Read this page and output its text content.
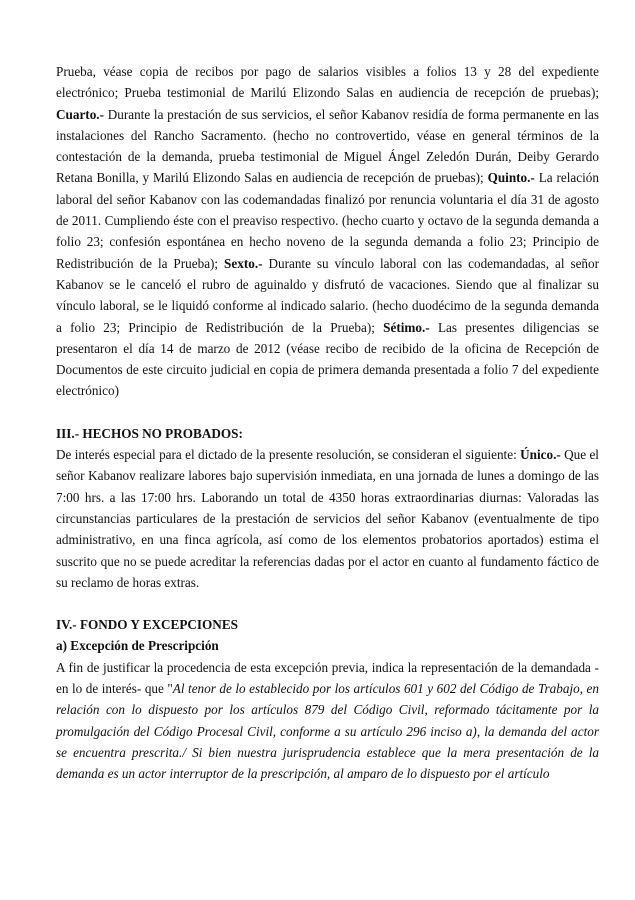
Prueba, véase copia de recibos por pago de salarios visibles a folios 13 y 28 del expediente electrónico; Prueba testimonial de Marilú Elizondo Salas en audiencia de recepción de pruebas); Cuarto.- Durante la prestación de sus servicios, el señor Kabanov residía de forma permanente en las instalaciones del Rancho Sacramento. (hecho no controvertido, véase en general términos de la contestación de la demanda, prueba testimonial de Miguel Ángel Zeledón Durán, Deiby Gerardo Retana Bonilla, y Marilú Elizondo Salas en audiencia de recepción de pruebas); Quinto.- La relación laboral del señor Kabanov con las codemandadas finalizó por renuncia voluntaria el día 31 de agosto de 2011. Cumpliendo éste con el preaviso respectivo. (hecho cuarto y octavo de la segunda demanda a folio 23; confesión espontánea en hecho noveno de la segunda demanda a folio 23; Principio de Redistribución de la Prueba); Sexto.- Durante su vínculo laboral con las codemandadas, al señor Kabanov se le canceló el rubro de aguinaldo y disfrutó de vacaciones. Siendo que al finalizar su vínculo laboral, se le liquidó conforme al indicado salario. (hecho duodécimo de la segunda demanda a folio 23; Principio de Redistribución de la Prueba); Sétimo.- Las presentes diligencias se presentaron el día 14 de marzo de 2012 (véase recibo de recibido de la oficina de Recepción de Documentos de este circuito judicial en copia de primera demanda presentada a folio 7 del expediente electrónico)

III.- HECHOS NO PROBADOS:

De interés especial para el dictado de la presente resolución, se consideran el siguiente: Único.- Que el señor Kabanov realizare labores bajo supervisión inmediata, en una jornada de lunes a domingo de las 7:00 hrs. a las 17:00 hrs. Laborando un total de 4350 horas extraordinarias diurnas: Valoradas las circunstancias particulares de la prestación de servicios del señor Kabanov (eventualmente de tipo administrativo, en una finca agrícola, así como de los elementos probatorios aportados) estima el suscrito que no se puede acreditar la referencias dadas por el actor en cuanto al fundamento fáctico de su reclamo de horas extras.

IV.- FONDO Y EXCEPCIONES

a) Excepción de Prescripción

A fin de justificar la procedencia de esta excepción previa, indica la representación de la demandada -en lo de interés- que "Al tenor de lo establecido por los artículos 601 y 602 del Código de Trabajo, en relación con lo dispuesto por los artículos 879 del Código Civil, reformado tácitamente por la promulgación del Código Procesal Civil, conforme a su artículo 296 inciso a), la demanda del actor se encuentra prescrita./ Si bien nuestra jurisprudencia establece que la mera presentación de la demanda es un actor interruptor de la prescripción, al amparo de lo dispuesto por el artículo
